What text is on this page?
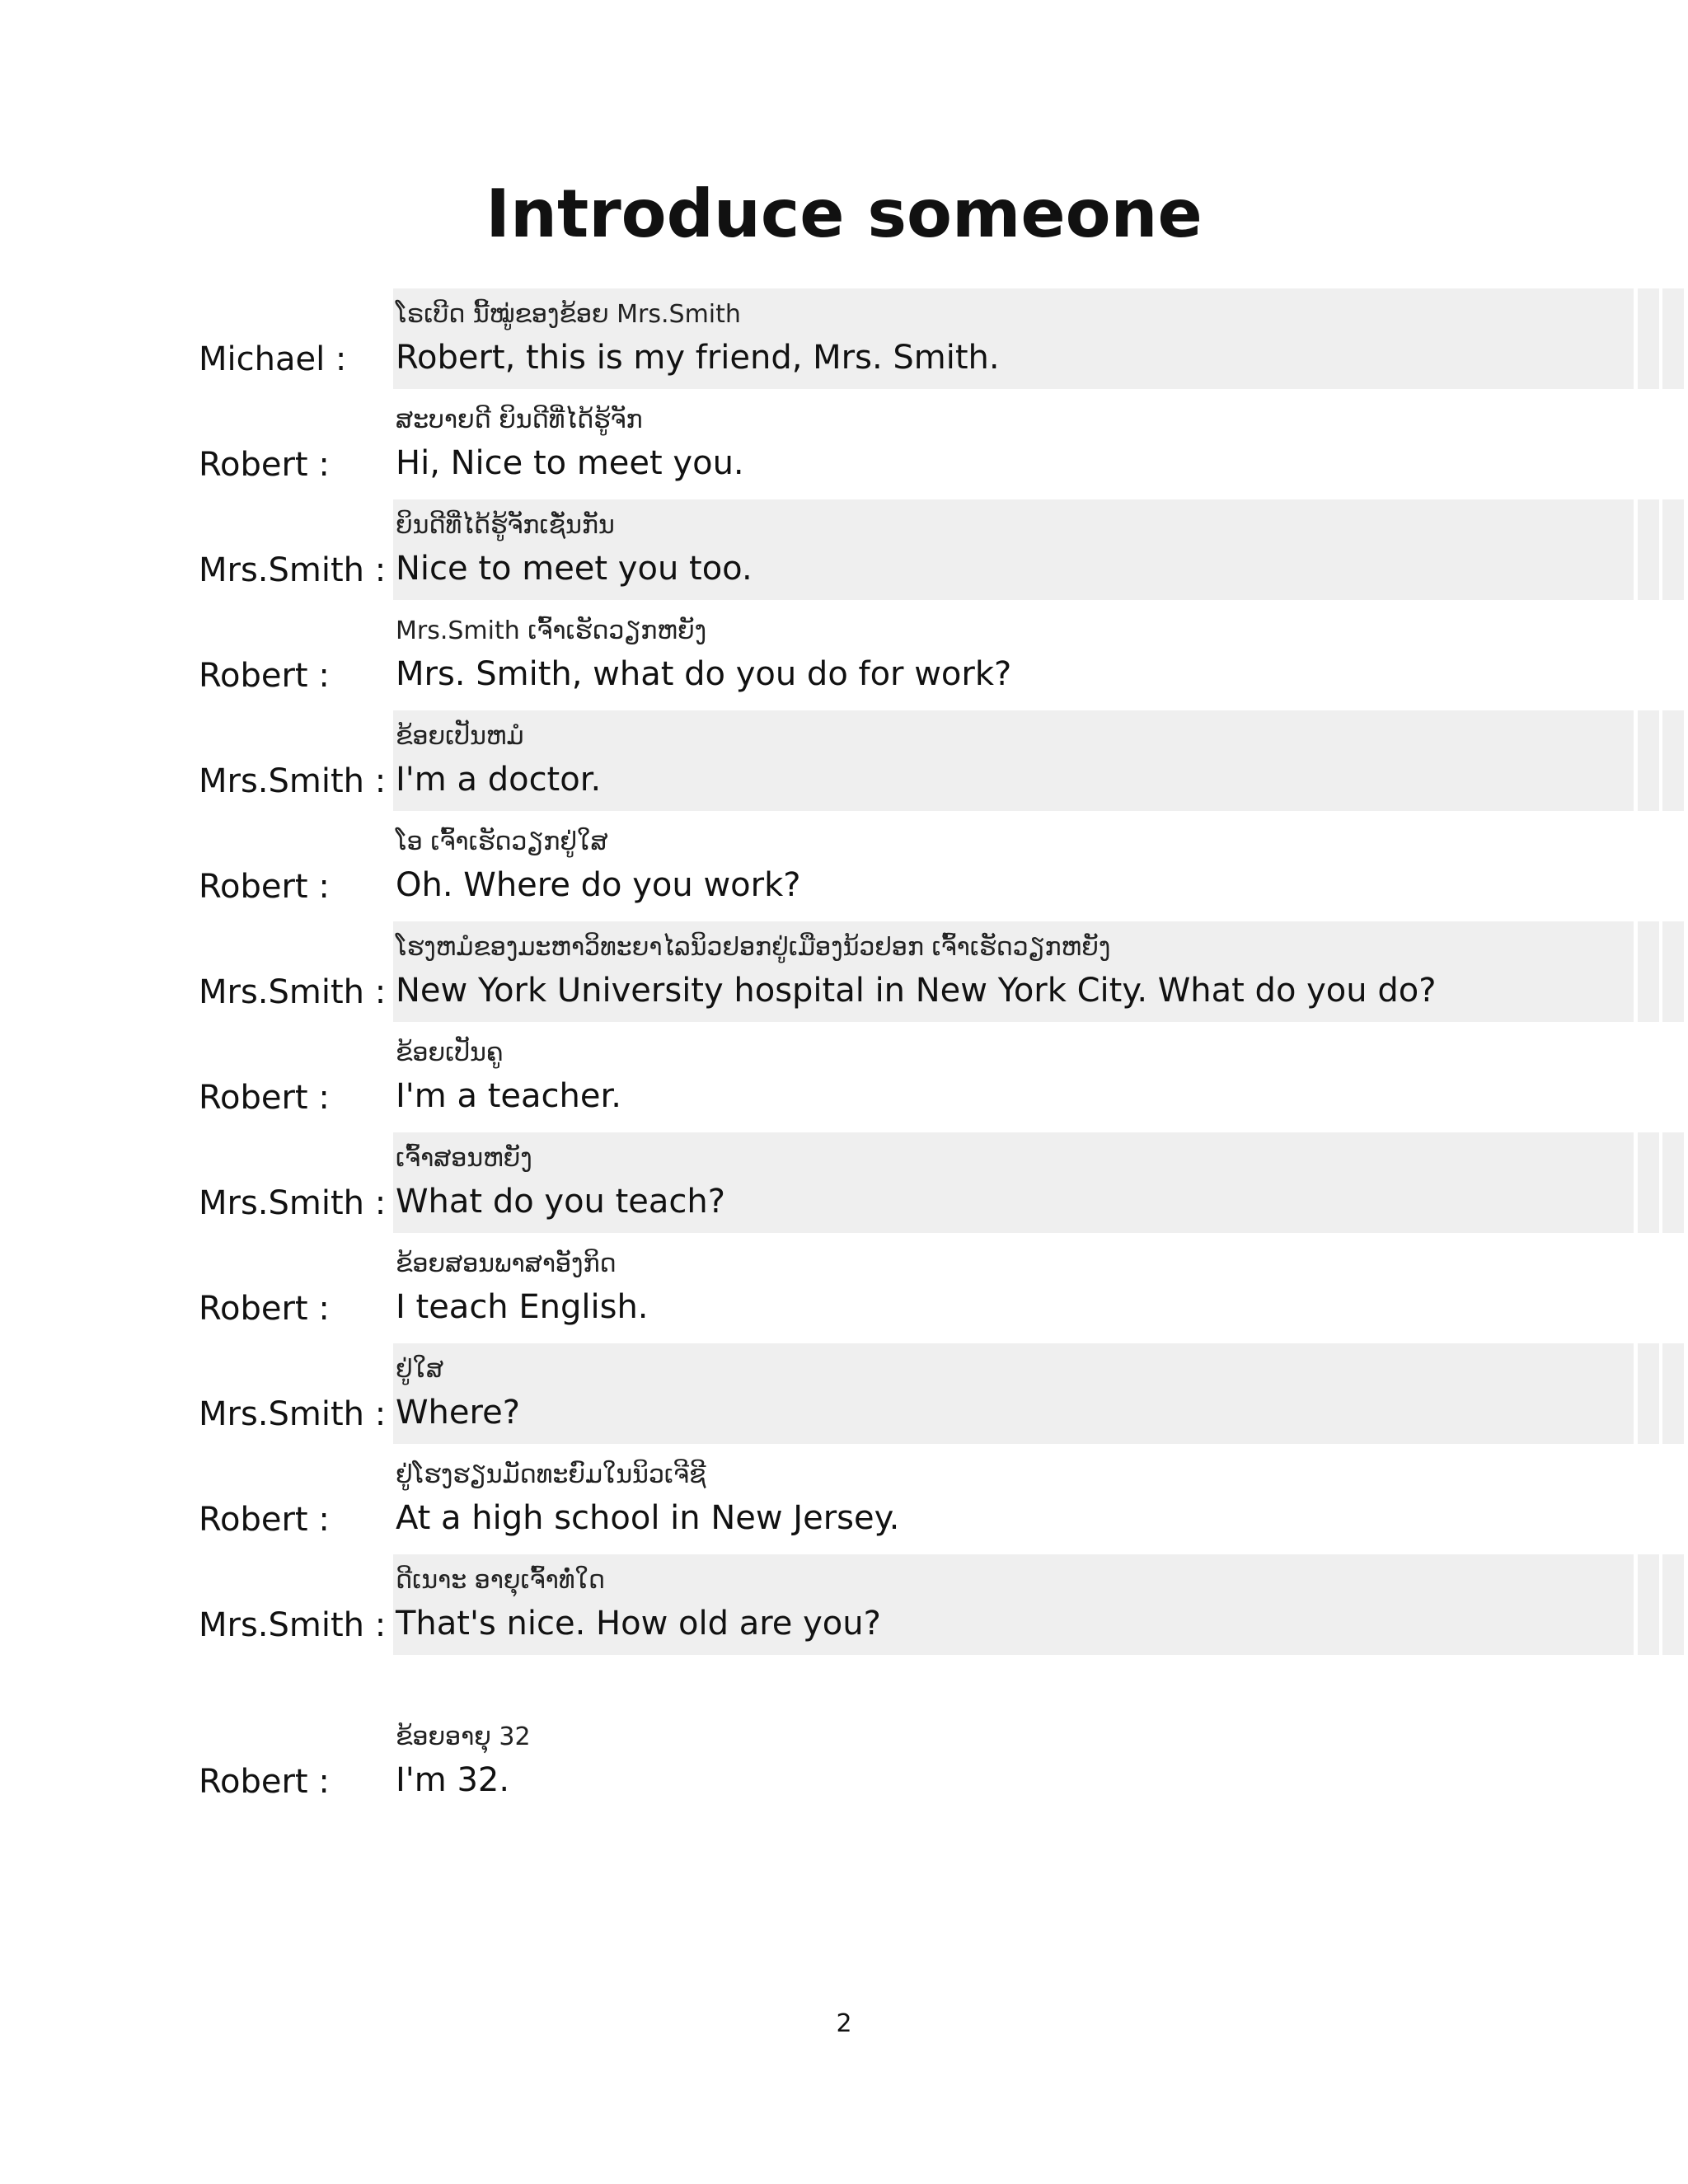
Introduce someone
Michael :
ໂຣເບີດ ນີ້ໝູ່ຂອງຂ້ອຍ Mrs.Smith
Robert, this is my friend, Mrs. Smith.
Robert :
ສະບາຍດີ ຍິນດີທີ່ໄດ້ຮູ້ຈັກ
Hi, Nice to meet you.
Mrs.Smith :
ຍິນດີທີ່ໄດ້ຮູ້ຈັກເຊັ່ນກັນ
Nice to meet you too.
Robert :
Mrs.Smith ເຈົ້າເຮັດວຽກຫຍັງ
Mrs. Smith, what do you do for work?
Mrs.Smith :
ຂ້ອຍເປັນຫມໍ
I'm a doctor.
Robert :
ໂອ ເຈົ້າເຮັດວຽກຢູ່ໃສ
Oh. Where do you work?
Mrs.Smith :
ໂຮງຫມໍຂອງມະຫາວິທະຍາໄລນິວຢອກຢູ່ເມືອງນ້ວຢອກ ເຈົ້າເຮັດວຽກຫຍັງ
New York University hospital in New York City. What do you do?
Robert :
ຂ້ອຍເປັນຄູ
I'm a teacher.
Mrs.Smith :
ເຈົ້າສອນຫຍັງ
What do you teach?
Robert :
ຂ້ອຍສອນພາສາອັງກິດ
I teach English.
Mrs.Smith :
ຢູ່ໃສ
Where?
Robert :
ຢູ່ໂຮງຮຽນມັດທະຍົມໃນນິວເຈີຊີ
At a high school in New Jersey.
Mrs.Smith :
ດີເນາະ ອາຍຸເຈົ້າທໍ່ໃດ
That's nice. How old are you?
Robert :
ຂ້ອຍອາຍຸ 32
I'm 32.
2
